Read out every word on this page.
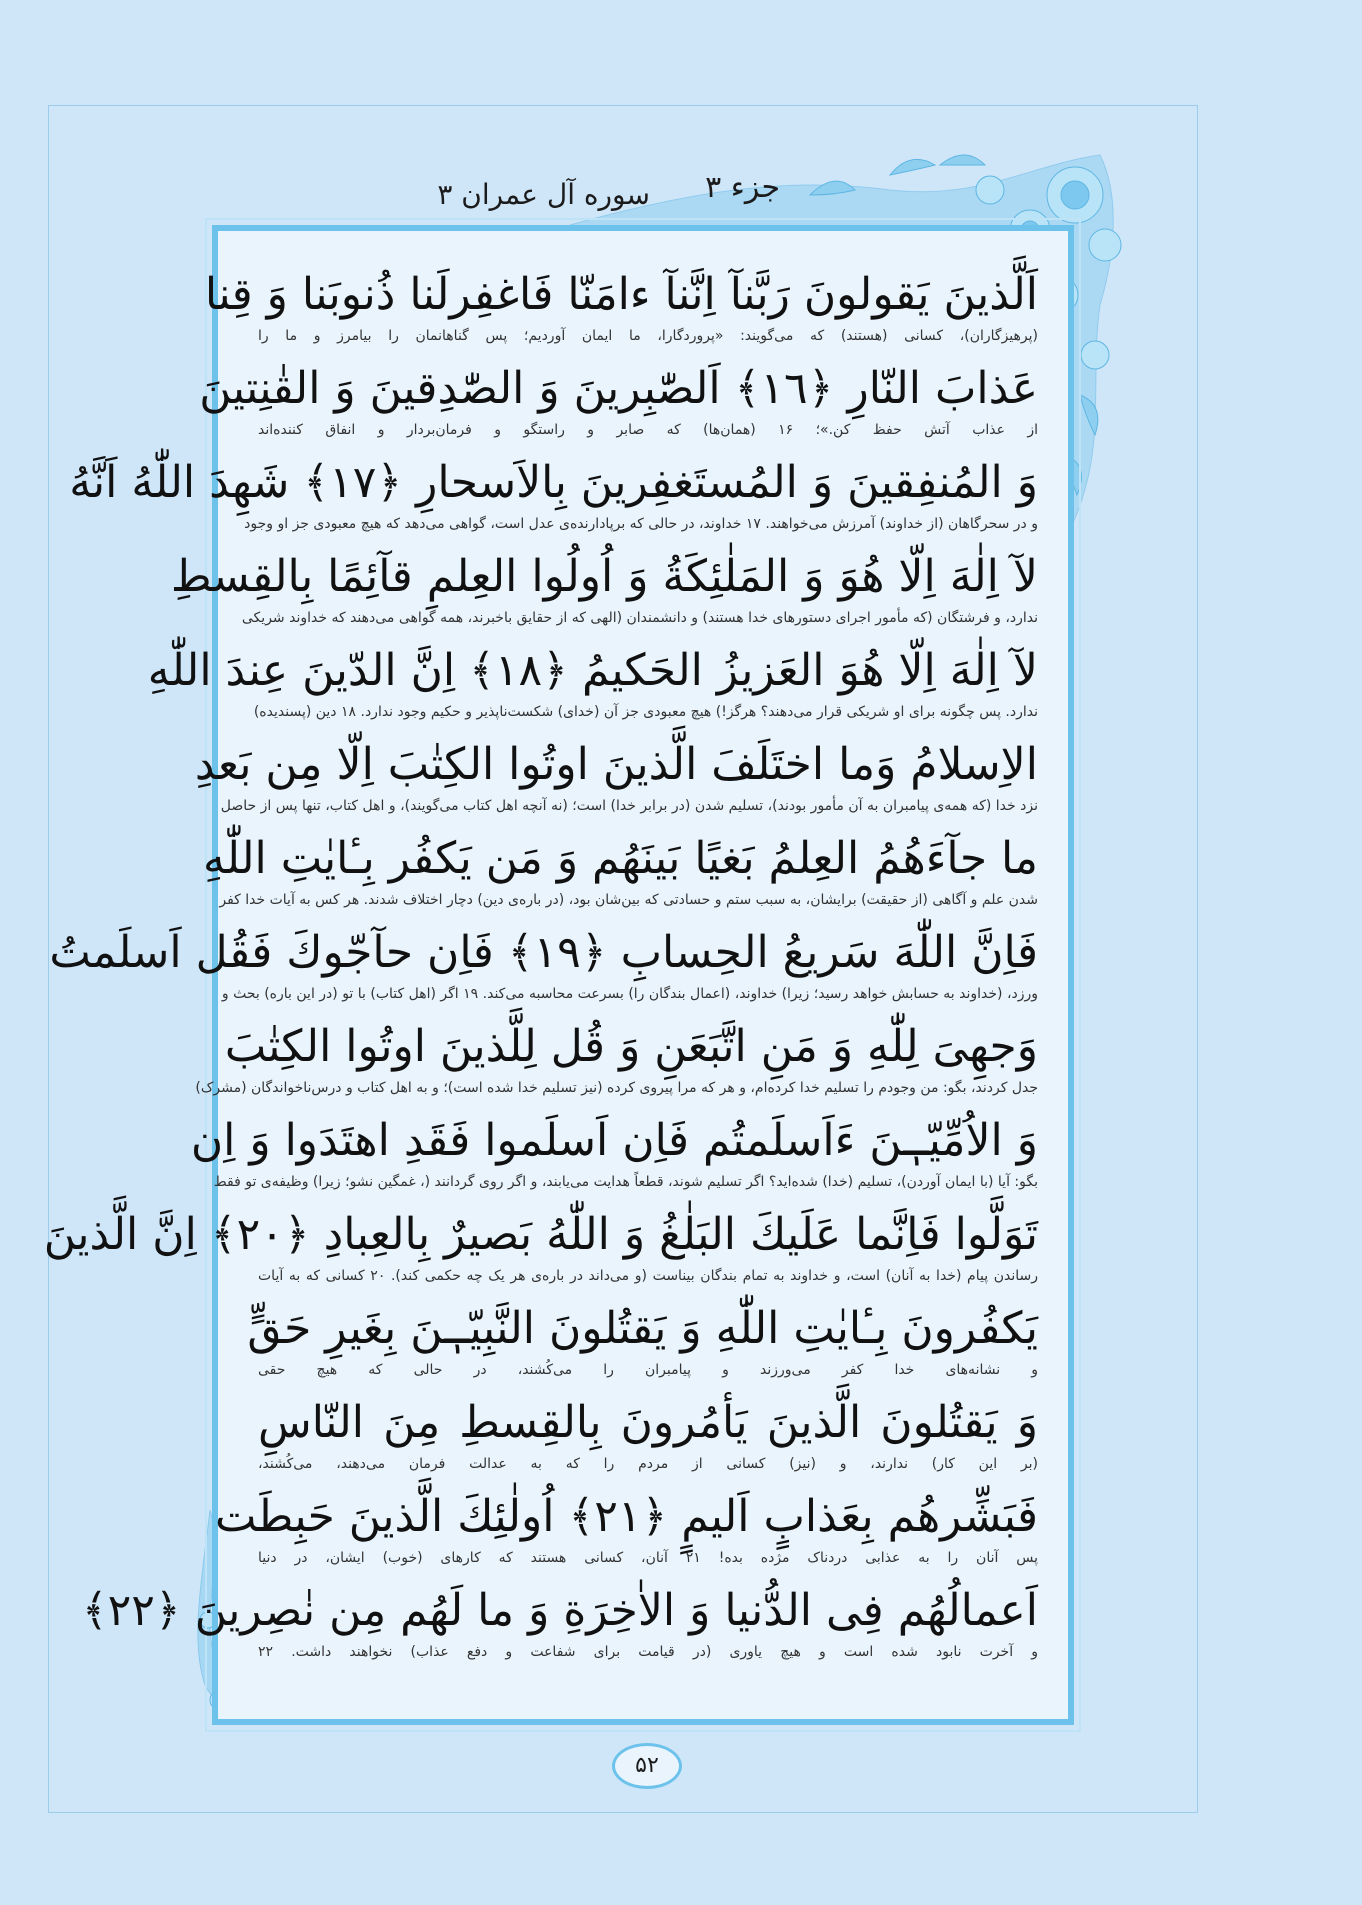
جزء ۳
سوره آل عمران ۳
اَلَّذينَ يَقولونَ رَبَّنآ اِنَّنآ ءامَنّا فَاغفِرلَنا ذُنوبَنا وَ قِنا
(پرهیزگاران)، کسانی (هستند) که می‌گویند: «پروردگارا، ما ایمان آوردیم؛ پس گناهانمان را بیامرز و ما را
عَذابَ النّارِ ﴿١٦﴾ اَلصّٰبِرينَ وَ الصّٰدِقينَ وَ القٰنِتينَ
از عذاب آتش حفظ کن.»؛ ۱۶ (همان‌ها) که صابر و راستگو و فرمان‌بردار و انفاق کننده‌اند
وَ المُنفِقينَ وَ المُستَغفِرينَ بِالاَسحارِ ﴿١٧﴾ شَهِدَ اللّٰهُ اَنَّهُ
و در سحرگاهان (از خداوند) آمرزش می‌خواهند. ۱۷ خداوند، در حالی که برپادارنده‌ی عدل است، گواهی می‌دهد که هیچ معبودی جز او وجود
لآ اِلٰهَ اِلّا هُوَ وَ المَلٰئِكَةُ وَ اُولُوا العِلمِ قآئِمًا بِالقِسطِ
ندارد، و فرشتگان (که مأمور اجرای دستورهای خدا هستند) و دانشمندان (الهی که از حقایق باخبرند، همه گواهی می‌دهند که خداوند شریکی
لآ اِلٰهَ اِلّا هُوَ العَزيزُ الحَكيمُ ﴿١٨﴾ اِنَّ الدّينَ عِندَ اللّٰهِ
ندارد. پس چگونه برای او شریکی قرار می‌دهند؟ هرگز!) هیچ معبودی جز آن (خدای) شکست‌ناپذیر و حکیم وجود ندارد. ۱۸ دین (پسندیده)
الاِسلامُ وَما اختَلَفَ الَّذينَ اوتُوا الكِتٰبَ اِلّا مِن بَعدِ
نزد خدا (که همه‌ی پیامبران به آن مأمور بودند)، تسلیم شدن (در برابر خدا) است؛ (نه آنچه اهل کتاب می‌گویند)، و اهل کتاب، تنها پس از حاصل
ما جآءَهُمُ العِلمُ بَغيًا بَينَهُم وَ مَن يَكفُر بِـٔايٰتِ اللّٰهِ
شدن علم و آگاهی (از حقیقت) برایشان، به سبب ستم و حسادتی که بین‌شان بود، (در باره‌ی دین) دچار اختلاف شدند. هر کس به آیات خدا کفر
فَاِنَّ اللّٰهَ سَريعُ الحِسابِ ﴿١٩﴾ فَاِن حآجّوكَ فَقُل اَسلَمتُ
ورزد، (خداوند به حسابش خواهد رسید؛ زیرا) خداوند، (اعمال بندگان را) بسرعت محاسبه می‌کند. ۱۹ اگر (اهل کتاب) با تو (در این باره) بحث و
وَجهِىَ لِلّٰهِ وَ مَنِ اتَّبَعَنِ وَ قُل لِلَّذينَ اوتُوا الكِتٰبَ
جدل کردند، بگو: من وجودم را تسلیم خدا کرده‌ام، و هر که مرا پیروی کرده (نیز تسلیم خدا شده است)؛ و به اهل کتاب و درس‌ناخواندگان (مشرک)
وَ الاُمِّيّـٖنَ ءَاَسلَمتُم فَاِن اَسلَموا فَقَدِ اهتَدَوا وَ اِن
بگو: آیا (با ایمان آوردن)، تسلیم (خدا) شده‌اید؟ اگر تسلیم شوند، قطعاً هدایت می‌یابند، و اگر روی گردانند (، غمگین نشو؛ زیرا) وظیفه‌ی تو فقط
تَوَلَّوا فَاِنَّما عَلَيكَ البَلٰغُ وَ اللّٰهُ بَصيرٌ بِالعِبادِ ﴿٢٠﴾ اِنَّ الَّذينَ
رساندن پیام (خدا به آنان) است، و خداوند به تمام بندگان بیناست (و می‌داند در باره‌ی هر یک چه حکمی کند). ۲۰ کسانی که به آیات
يَكفُرونَ بِـٔايٰتِ اللّٰهِ وَ يَقتُلونَ النَّبِيّـٖنَ بِغَيرِ حَقٍّ
و نشانه‌های خدا کفر می‌ورزند و پیامبران را می‌کُشند، در حالی که هیچ حقی
وَ يَقتُلونَ الَّذينَ يَأمُرونَ بِالقِسطِ مِنَ النّاسِ
(بر این کار) ندارند، و (نیز) کسانی از مردم را که به عدالت فرمان می‌دهند، می‌کُشند،
فَبَشِّرهُم بِعَذابٍ اَليمٍ ﴿٢١﴾ اُولٰئِكَ الَّذينَ حَبِطَت
پس آنان را به عذابی دردناک مژده بده! ۲۱ آنان، کسانی هستند که کارهای (خوب) ایشان، در دنیا
اَعمالُهُم فِى الدُّنيا وَ الاٰخِرَةِ وَ ما لَهُم مِن نٰصِرينَ ﴿٢٢﴾
و آخرت نابود شده است و هیچ یاوری (در قیامت برای شفاعت و دفع عذاب) نخواهند داشت. ۲۲
۵۲
